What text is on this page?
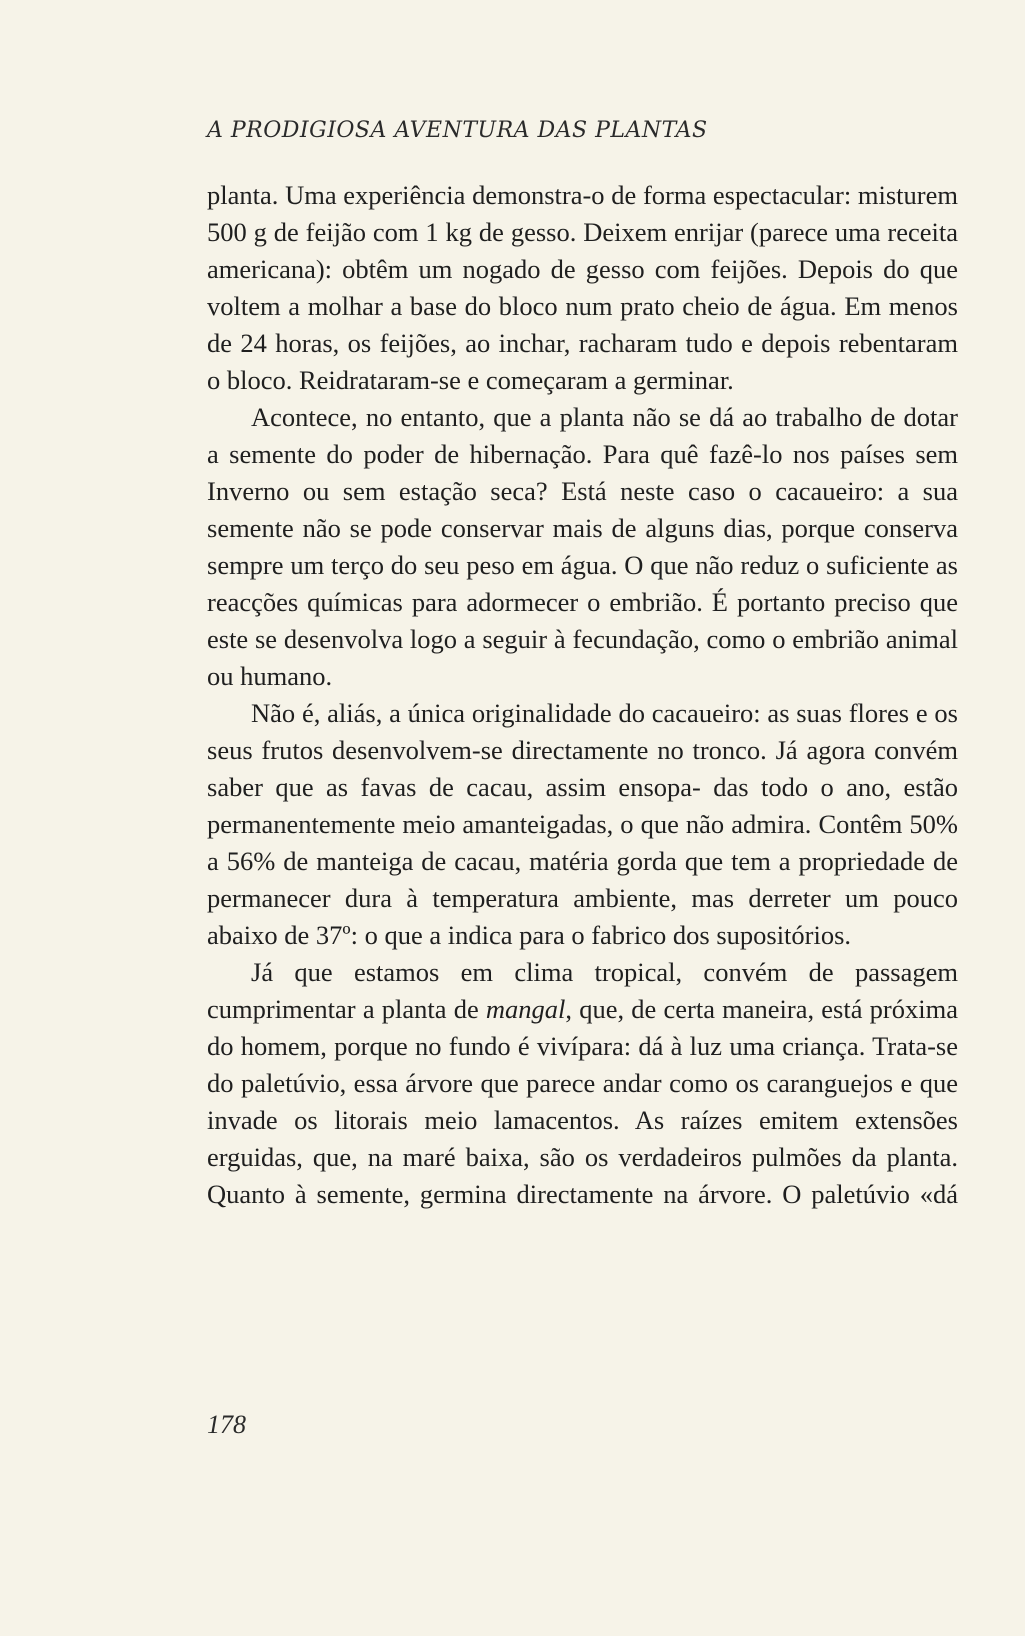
A PRODIGIOSA AVENTURA DAS PLANTAS

planta. Uma experiência demonstra-o de forma espectacular: misturem 500 g de feijão com 1 kg de gesso. Deixem enrijar (parece uma receita americana): obtêm um nogado de gesso com feijões. Depois do que voltem a molhar a base do bloco num prato cheio de água. Em menos de 24 horas, os feijões, ao inchar, racharam tudo e depois rebentaram o bloco. Reidrataram-se e começaram a germinar.

Acontece, no entanto, que a planta não se dá ao trabalho de dotar a semente do poder de hibernação. Para quê fazê-lo nos países sem Inverno ou sem estação seca? Está neste caso o cacaueiro: a sua semente não se pode conservar mais de alguns dias, porque conserva sempre um terço do seu peso em água. O que não reduz o suficiente as reacções químicas para adormecer o embrião. É portanto preciso que este se desenvolva logo a seguir à fecundação, como o embrião animal ou humano.

Não é, aliás, a única originalidade do cacaueiro: as suas flores e os seus frutos desenvolvem-se directamente no tronco. Já agora convém saber que as favas de cacau, assim ensopa- das todo o ano, estão permanentemente meio amanteigadas, o que não admira. Contêm 50% a 56% de manteiga de cacau, matéria gorda que tem a propriedade de permanecer dura à temperatura ambiente, mas derreter um pouco abaixo de 37º: o que a indica para o fabrico dos supositórios.

Já que estamos em clima tropical, convém de passagem cumprimentar a planta de mangal, que, de certa maneira, está próxima do homem, porque no fundo é vivípara: dá à luz uma criança. Trata-se do paletúvio, essa árvore que parece andar como os caranguejos e que invade os litorais meio lamacentos. As raízes emitem extensões erguidas, que, na maré baixa, são os verdadeiros pulmões da planta. Quanto à semente, germina directamente na árvore. O paletúvio «dá

178
